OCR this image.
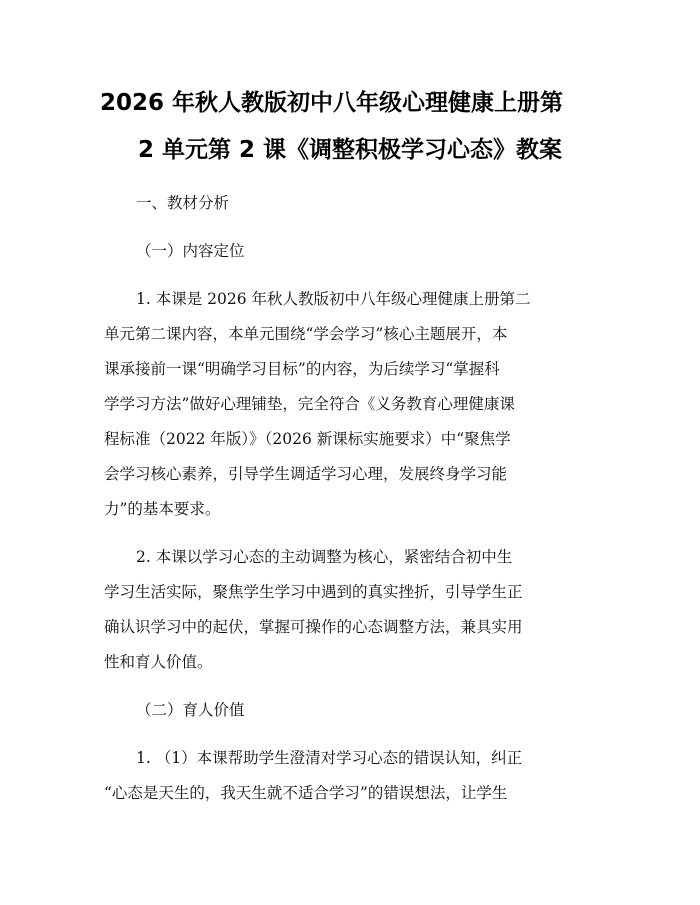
2026 年秋人教版初中八年级心理健康上册第
2 单元第 2 课《调整积极学习心态》教案
一、教材分析
（一）内容定位
1. 本课是 2026 年秋人教版初中八年级心理健康上册第二
单元第二课内容，本单元围绕“学会学习”核心主题展开，本
课承接前一课“明确学习目标”的内容，为后续学习“掌握科
学学习方法”做好心理铺垫，完全符合《义务教育心理健康课
程标准（2022 年版）》（2026 新课标实施要求）中“聚焦学
会学习核心素养，引导学生调适学习心理，发展终身学习能
力”的基本要求。
2. 本课以学习心态的主动调整为核心，紧密结合初中生
学习生活实际，聚焦学生学习中遇到的真实挫折，引导学生正
确认识学习中的起伏，掌握可操作的心态调整方法，兼具实用
性和育人价值。
（二）育人价值
1. （1）本课帮助学生澄清对学习心态的错误认知，纠正
“心态是天生的，我天生就不适合学习”的错误想法，让学生
